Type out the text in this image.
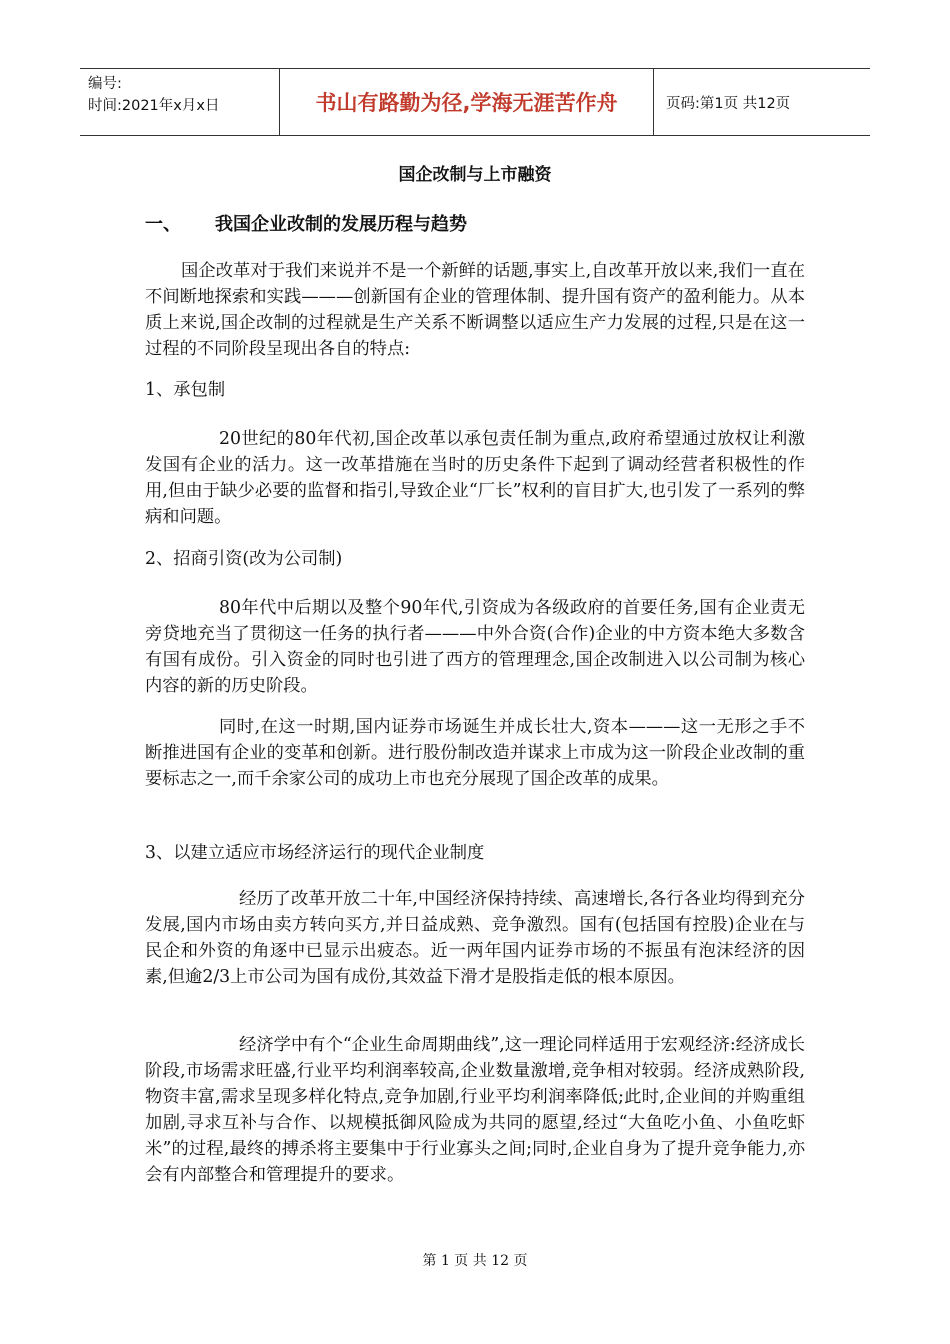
编号:
时间:2021年x月x日	书山有路勤为径,学海无涯苦作舟	页码:第1页 共12页
国企改制与上市融资
一、 我国企业改制的发展历程与趋势

国企改革对于我们来说并不是一个新鲜的话题,事实上,自改革开放以来,我们一直在不间断地探索和实践———创新国有企业的管理体制、提升国有资产的盈利能力。从本质上来说,国企改制的过程就是生产关系不断调整以适应生产力发展的过程,只是在这一过程的不同阶段呈现出各自的特点:

1、承包制

20世纪的80年代初,国企改革以承包责任制为重点,政府希望通过放权让利激发国有企业的活力。这一改革措施在当时的历史条件下起到了调动经营者积极性的作用,但由于缺少必要的监督和指引,导致企业“厂长”权利的盲目扩大,也引发了一系列的弊病和问题。

2、招商引资(改为公司制)

80年代中后期以及整个90年代,引资成为各级政府的首要任务,国有企业责无旁贷地充当了贯彻这一任务的执行者———中外合资(合作)企业的中方资本绝大多数含有国有成份。引入资金的同时也引进了西方的管理理念,国企改制进入以公司制为核心内容的新的历史阶段。

同时,在这一时期,国内证券市场诞生并成长壮大,资本———这一无形之手不断推进国有企业的变革和创新。进行股份制改造并谋求上市成为这一阶段企业改制的重要标志之一,而千余家公司的成功上市也充分展现了国企改革的成果。

3、以建立适应市场经济运行的现代企业制度

经历了改革开放二十年,中国经济保持持续、高速增长,各行各业均得到充分发展,国内市场由卖方转向买方,并日益成熟、竞争激烈。国有(包括国有控股)企业在与民企和外资的角逐中已显示出疲态。近一两年国内证券市场的不振虽有泡沫经济的因素,但逾2/3上市公司为国有成份,其效益下滑才是股指走低的根本原因。

经济学中有个“企业生命周期曲线”,这一理论同样适用于宏观经济:经济成长阶段,市场需求旺盛,行业平均利润率较高,企业数量激增,竞争相对较弱。经济成熟阶段,物资丰富,需求呈现多样化特点,竞争加剧,行业平均利润率降低;此时,企业间的并购重组加剧,寻求互补与合作、以规模抵御风险成为共同的愿望,经过“大鱼吃小鱼、小鱼吃虾米”的过程,最终的搏杀将主要集中于行业寡头之间;同时,企业自身为了提升竞争能力,亦会有内部整合和管理提升的要求。

第 1 页 共 12 页
